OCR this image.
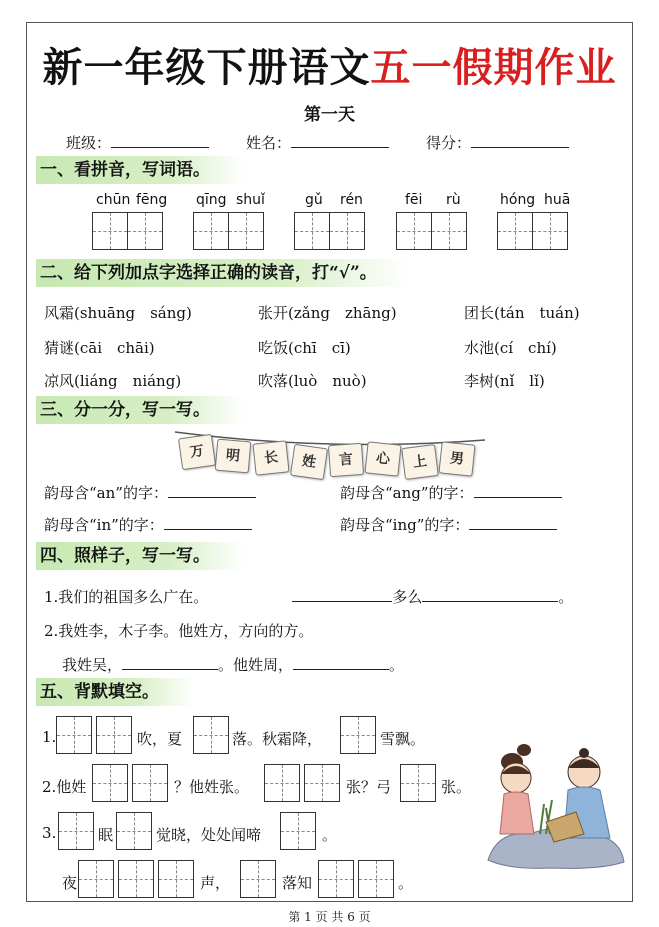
新一年级下册语文五一假期作业
第一天
班级：	姓名：	得分：
一、看拼音，写词语。
chūn fēng qīng shuǐ	gǔ rén	fēi rù	hóng huā
二、给下列加点字选择正确的读音，打“√”。
风霜(shuāng　sáng)	张开(zǎng　zhāng)	团长(tán　tuán)
猜谜(cāi　chāi)	吃饭(chī　cī)	水池(cí　chí)
凉风(liáng　niáng)	吹落(luò　nuò)	李树(nǐ　lǐ)
三、分一分，写一写。
万	明	长	姓	言	心	上	男
韵母含“an”的字：	韵母含“ang”的字：
韵母含“in”的字：	韵母含“ing”的字：
四、照样子，写一写。
1.我们的祖国多么广在。	多么	。
2.我姓李，木子李。他姓方，方向的方。
我姓吴，	。他姓周，	。
五、背默填空。
1.	吹，夏	落。秋霜降，	雪飘。
2.他姓	？他姓张。	张？弓	张。
3.	眠	觉晓，处处闻啼	。
夜	声，	落知	。
第 1 页 共 6 页
